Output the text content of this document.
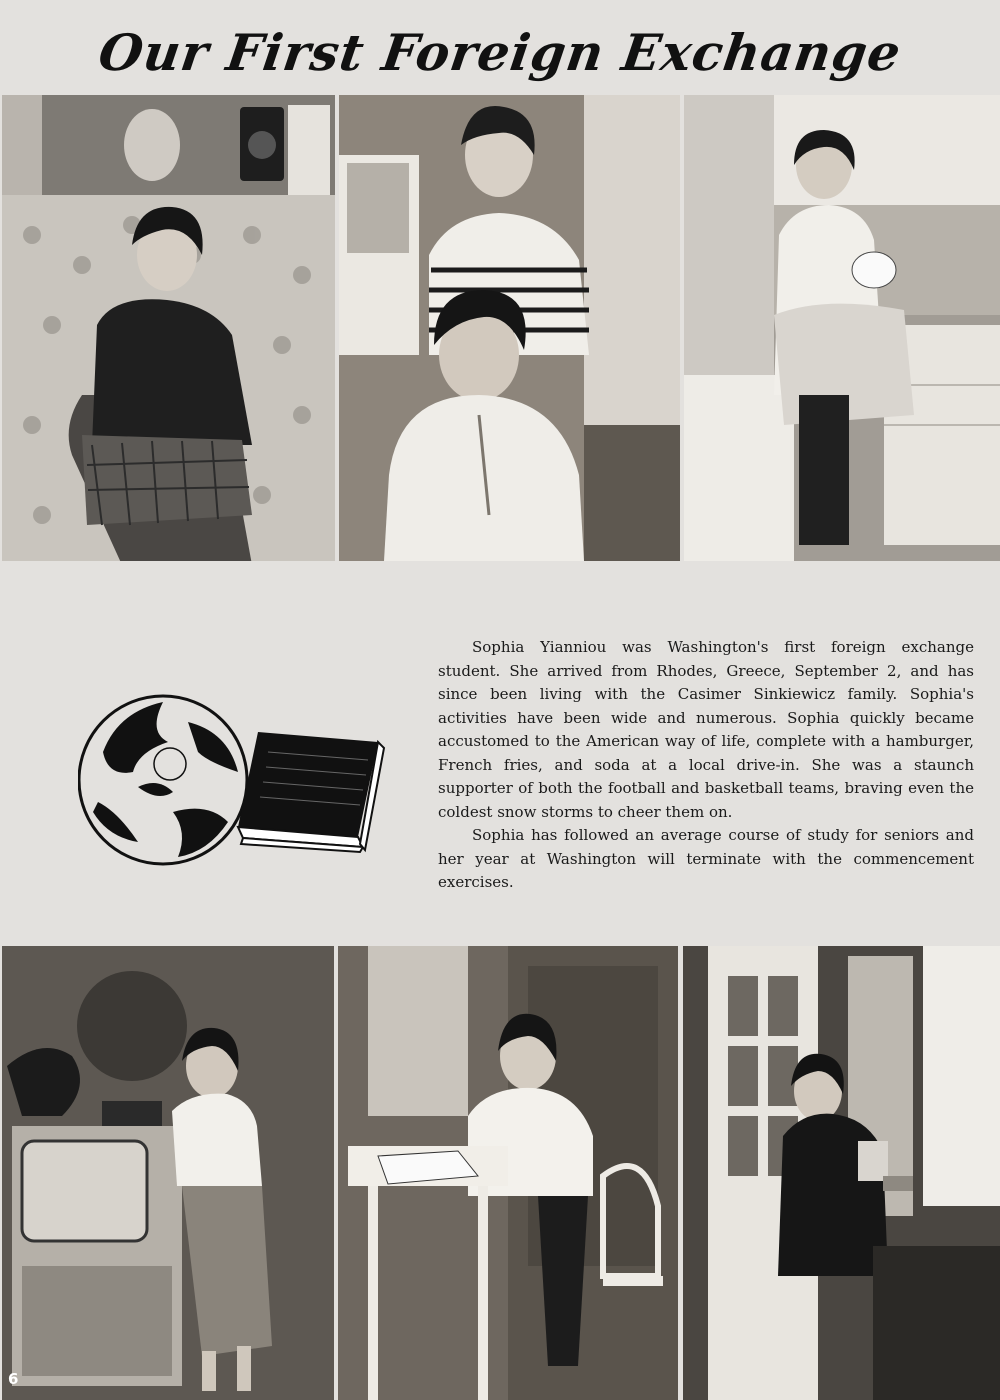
Our First Foreign Exchange

Sophia Yianniou was Washington's first foreign exchange student. She arrived from Rhodes, Greece, September 2, and has since been living with the Casimer Sinkiewicz family. Sophia's activities have been wide and numerous. Sophia quickly became accustomed to the American way of life, complete with a hamburger, French fries, and soda at a local drive-in. She was a staunch supporter of both the football and basketball teams, braving even the coldest snow storms to cheer them on.

Sophia has followed an average course of study for seniors and her year at Washington will terminate with the commencement exercises.

6
